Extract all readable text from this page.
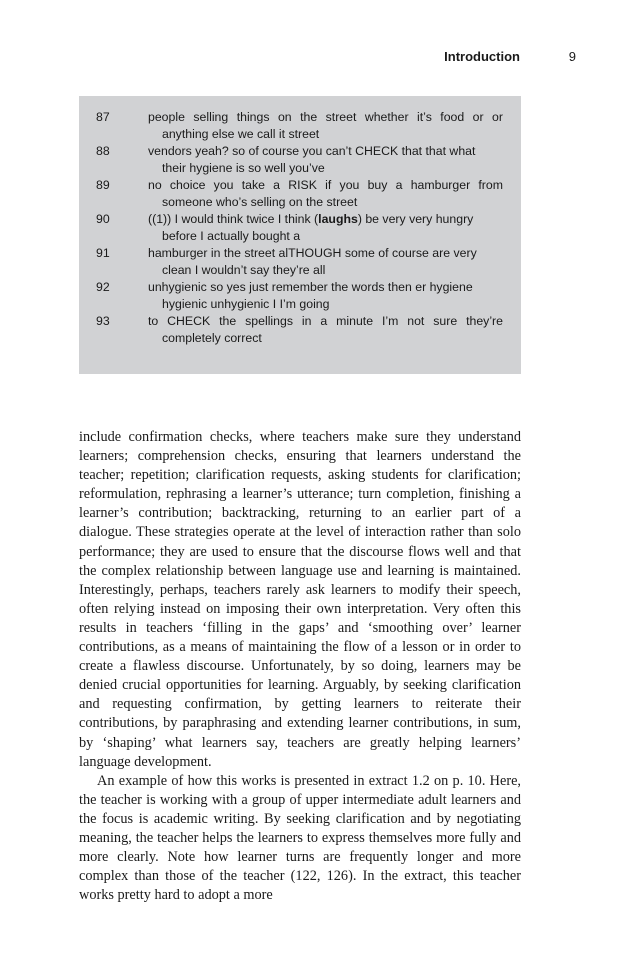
Introduction	9
87	people selling things on the street whether it’s food or or
anything else we call it street
88	vendors yeah? so of course you can’t CHECK that that what
their hygiene is so well you’ve
89	no choice you take a RISK if you buy a hamburger from
someone who’s selling on the street
90	((1)) I would think twice I think (laughs) be very very hungry
before I actually bought a
91	hamburger in the street alTHOUGH some of course are very
clean I wouldn’t say they’re all
92	unhygienic so yes just remember the words then er hygiene
hygienic unhygienic I I’m going
93	to CHECK the spellings in a minute I’m not sure they’re
completely correct

include confirmation checks, where teachers make sure they understand learners; comprehension checks, ensuring that learners understand the teacher; repetition; clarification requests, asking students for clarification; reformulation, rephrasing a learner’s utterance; turn completion, finishing a learner’s contribution; backtracking, returning to an earlier part of a dialogue. These strategies operate at the level of interaction rather than solo performance; they are used to ensure that the discourse flows well and that the complex relationship between language use and learning is maintained. Interestingly, perhaps, teachers rarely ask learners to modify their speech, often relying instead on imposing their own interpretation. Very often this results in teachers ‘filling in the gaps’ and ‘smoothing over’ learner contributions, as a means of maintaining the flow of a lesson or in order to create a flawless discourse. Unfortunately, by so doing, learners may be denied crucial opportunities for learning. Arguably, by seeking clarification and requesting confirmation, by getting learners to reiterate their contributions, by paraphrasing and extending learner contributions, in sum, by ‘shaping’ what learners say, teachers are greatly helping learners’ language development.

An example of how this works is presented in extract 1.2 on p. 10. Here, the teacher is working with a group of upper intermediate adult learners and the focus is academic writing. By seeking clarification and by negotiating meaning, the teacher helps the learners to express themselves more fully and more clearly. Note how learner turns are frequently longer and more complex than those of the teacher (122, 126). In the extract, this teacher works pretty hard to adopt a more
